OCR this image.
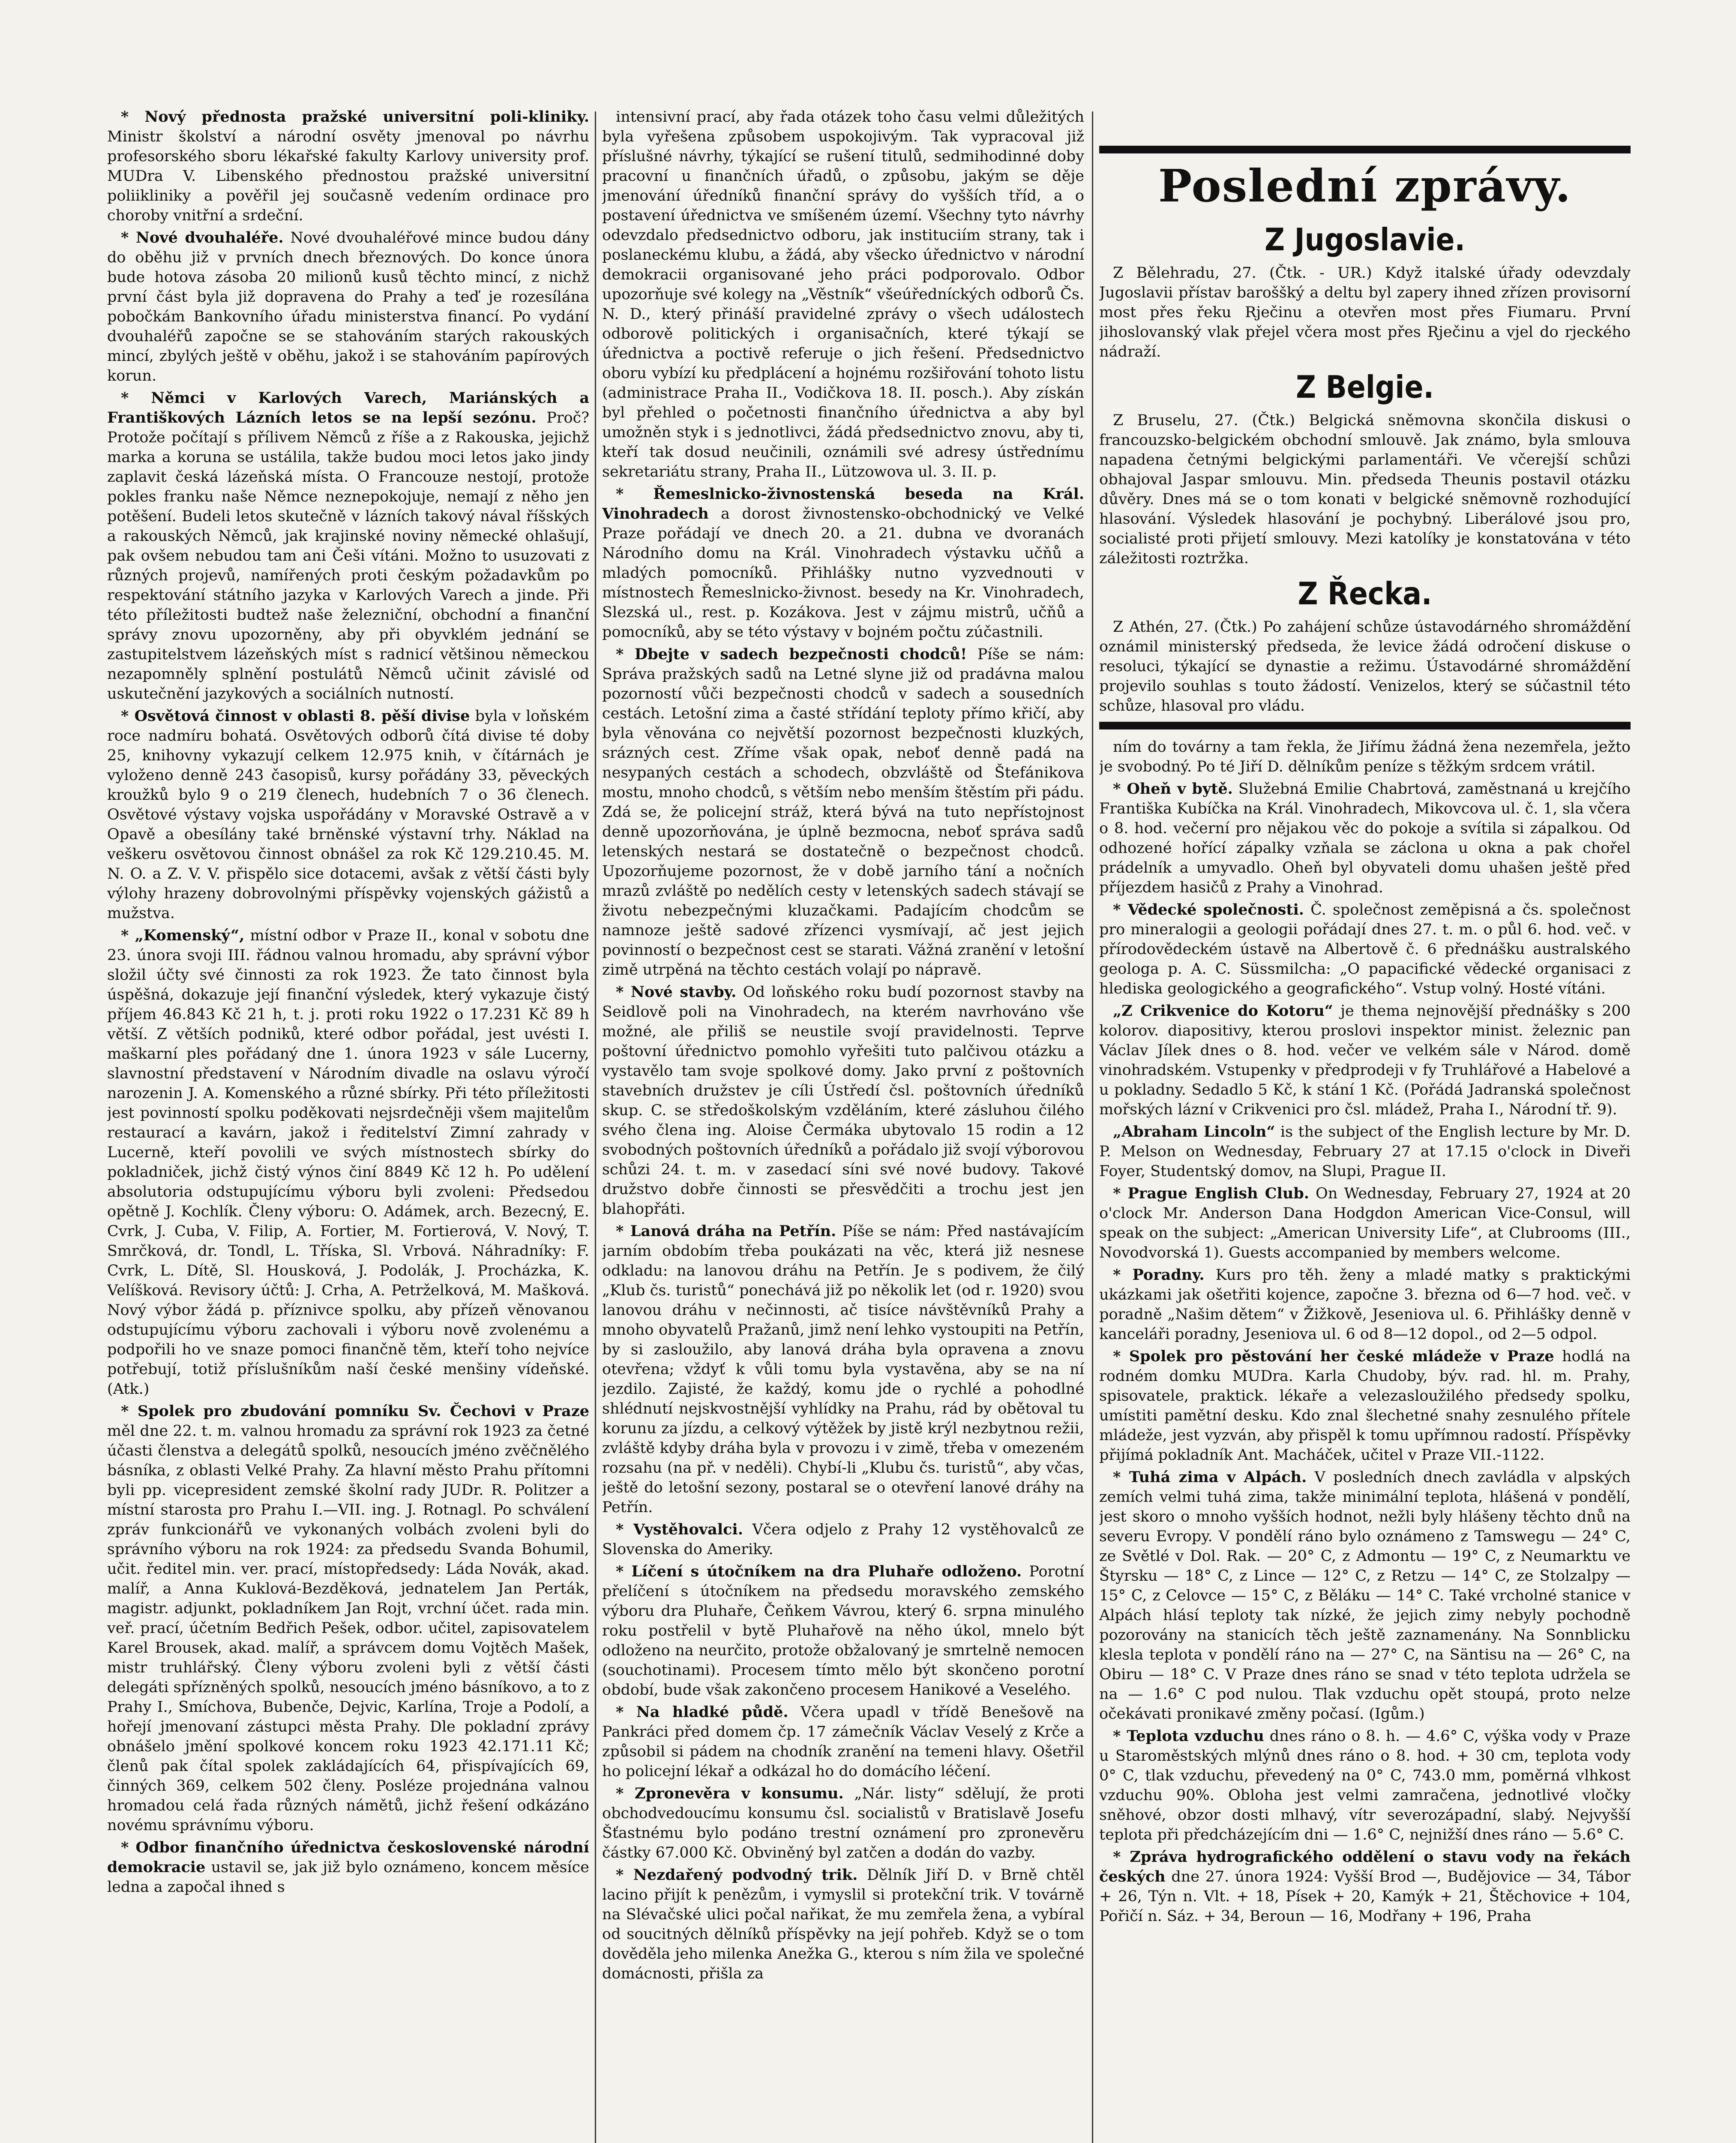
* Nový přednosta pražské universitní poli-kliniky. Ministr školství a národní osvěty jmenoval po návrhu profesorského sboru lékařské fakulty Karlovy university prof. MUDra V. Libenského přednostou pražské universitní poliikliniky a pověřil jej současně vedením ordinace pro choroby vnitřní a srdeční.

* Nové dvouhaléře. Nové dvouhaléřové mince budou dány do oběhu již v prvních dnech březnových. Do konce února bude hotova zásoba 20 milionů kusů těchto mincí, z nichž první část byla již dopravena do Prahy a teď je rozesílána pobočkám Bankovního úřadu ministerstva financí. Po vydání dvouhaléřů započne se se stahováním starých rakouských mincí, zbylých ještě v oběhu, jakož i se stahováním papírových korun.

* Němci v Karlových Varech, Mariánských a Františkových Lázních letos se na lepší sezónu. Proč? Protože počítají s přílivem Němců z říše a z Rakouska, jejichž marka a koruna se ustálila, takže budou moci letos jako jindy zaplavit česká lázeňská místa. O Francouze nestojí, protože pokles franku naše Němce neznepokojuje, nemají z něho jen potěšení. Budeli letos skutečně v lázních takový nával říšských a rakouských Němců, jak krajinské noviny německé ohlašují, pak ovšem nebudou tam ani Češi vítáni. Možno to usuzovati z různých projevů, namířených proti českým požadavkům po respektování státního jazyka v Karlových Varech a jinde. Při této příležitosti budtež naše železniční, obchodní a finanční správy znovu upozorněny, aby při obyvklém jednání se zastupitelstvem lázeňských míst s radnicí většinou německou nezapomněly splnění postulátů Němců učinit závislé od uskutečnění jazykových a sociálních nutností.

* Osvětová činnost v oblasti 8. pěší divise byla v loňském roce nadmíru bohatá. Osvětových odborů čítá divise té doby 25, knihovny vykazují celkem 12.975 knih, v čítárnách je vyloženo denně 243 časopisů, kursy pořádány 33, pěveckých kroužků bylo 9 o 219 členech, hudebních 7 o 36 členech. Osvětové výstavy vojska uspořádány v Moravské Ostravě a v Opavě a obesílány také brněnské výstavní trhy. Náklad na veškeru osvětovou činnost obnášel za rok Kč 129.210.45. M. N. O. a Z. V. V. přispělo sice dotacemi, avšak z větší části byly výlohy hrazeny dobrovolnými příspěvky vojenských gážistů a mužstva.

* „Komenský“, místní odbor v Praze II., konal v sobotu dne 23. února svoji III. řádnou valnou hromadu, aby správní výbor složil účty své činnosti za rok 1923. Že tato činnost byla úspěšná, dokazuje její finanční výsledek, který vykazuje čistý příjem 46.843 Kč 21 h, t. j. proti roku 1922 o 17.231 Kč 89 h větší. Z větších podniků, které odbor pořádal, jest uvésti I. maškarní ples pořádaný dne 1. února 1923 v sále Lucerny, slavnostní představení v Národním divadle na oslavu výročí narozenin J. A. Komenského a různé sbírky. Při této příležitosti jest povinností spolku poděkovati nejsrdečněji všem majitelům restaurací a kavárn, jakož i ředitelství Zimní zahrady v Lucerně, kteří povolili ve svých místnostech sbírky do pokladniček, jichž čistý výnos činí 8849 Kč 12 h. Po udělení absolutoria odstupujícímu výboru byli zvoleni: Předsedou opětně J. Kochlík. Členy výboru: O. Adámek, arch. Bezecný, E. Cvrk, J. Cuba, V. Filip, A. Fortier, M. Fortierová, V. Nový, T. Smrčková, dr. Tondl, L. Tříska, Sl. Vrbová. Náhradníky: F. Cvrk, L. Dítě, Sl. Housková, J. Podolák, J. Procházka, K. Velíšková. Revisory účtů: J. Crha, A. Petrželková, M. Mašková. Nový výbor žádá p. příznivce spolku, aby přízeň věnovanou odstupujícímu výboru zachovali i výboru nově zvolenému a podpořili ho ve snaze pomoci finančně těm, kteří toho nejvíce potřebují, totiž příslušníkům naší české menšiny vídeňské. (Atk.)

* Spolek pro zbudování pomníku Sv. Čechovi v Praze měl dne 22. t. m. valnou hromadu za správní rok 1923 za četné účasti členstva a delegátů spolků, nesoucích jméno zvěčnělého básníka, z oblasti Velké Prahy. Za hlavní město Prahu přítomni byli pp. vicepresident zemské školní rady JUDr. R. Politzer a místní starosta pro Prahu I.—VII. ing. J. Rotnagl. Po schválení zpráv funkcionářů ve vykonaných volbách zvoleni byli do správního výboru na rok 1924: za předsedu Svanda Bohumil, učit. ředitel min. ver. prací, místopředsedy: Láda Novák, akad. malíř, a Anna Kuklová-Bezděková, jednatelem Jan Perták, magistr. adjunkt, pokladníkem Jan Rojt, vrchní účet. rada min. veř. prací, účetním Bedřich Pešek, odbor. učitel, zapisovatelem Karel Brousek, akad. malíř, a správcem domu Vojtěch Mašek, mistr truhlářský. Členy výboru zvoleni byli z větší části delegáti spřízněných spolků, nesoucích jméno básníkovo, a to z Prahy I., Smíchova, Bubenče, Dejvic, Karlína, Troje a Podolí, a hořejí jmenovaní zástupci města Prahy. Dle pokladní zprávy obnášelo jmění spolkové koncem roku 1923 42.171.11 Kč; členů pak čítal spolek zakládajících 64, přispívajících 69, činných 369, celkem 502 členy. Posléze projednána valnou hromadou celá řada různých námětů, jichž řešení odkázáno novému správnímu výboru.

* Odbor finančního úřednictva československé národní demokracie ustavil se, jak již bylo oznámeno, koncem měsíce ledna a započal ihned s

intensivní prací, aby řada otázek toho času velmi důležitých byla vyřešena způsobem uspokojivým. Tak vypracoval již příslušné návrhy, týkající se rušení titulů, sedmihodinné doby pracovní u finančních úřadů, o způsobu, jakým se děje jmenování úředníků finanční správy do vyšších tříd, a o postavení úřednictva ve smíšeném území. Všechny tyto návrhy odevzdalo předsednictvo odboru, jak instituciím strany, tak i poslaneckému klubu, a žádá, aby všecko úřednictvo v národní demokracii organisované jeho práci podporovalo. Odbor upozorňuje své kolegy na „Věstník“ všeúředníckých odborů Čs. N. D., který přináší pravidelné zprávy o všech událostech odborově politických i organisačních, které týkají se úřednictva a poctivě referuje o jich řešení. Předsednictvo oboru vybízí ku předplácení a hojnému rozšiřování tohoto listu (administrace Praha II., Vodičkova 18. II. posch.). Aby získán byl přehled o početnosti finančního úřednictva a aby byl umožněn styk i s jednotlivci, žádá předsednictvo znovu, aby ti, kteří tak dosud neučinili, oznámili své adresy ústřednímu sekretariátu strany, Praha II., Lützowova ul. 3. II. p.

* Řemeslnicko-živnostenská beseda na Král. Vinohradech a dorost živnostensko-obchodnický ve Velké Praze pořádají ve dnech 20. a 21. dubna ve dvoranách Národního domu na Král. Vinohradech výstavku učňů a mladých pomocníků. Přihlášky nutno vyzvednouti v místnostech Řemeslnicko-živnost. besedy na Kr. Vinohradech, Slezská ul., rest. p. Kozákova. Jest v zájmu mistrů, učňů a pomocníků, aby se této výstavy v bojném počtu zúčastnili.

* Dbejte v sadech bezpečnosti chodců! Píše se nám: Správa pražských sadů na Letné slyne již od pradávna malou pozorností vůči bezpečnosti chodců v sadech a sousedních cestách. Letošní zima a časté střídání teploty přímo křičí, aby byla věnována co největší pozornost bezpečnosti kluzkých, srázných cest. Zříme však opak, neboť denně padá na nesypaných cestách a schodech, obzvláště od Štefánikova mostu, mnoho chodců, s větším nebo menším štěstím při pádu. Zdá se, že policejní stráž, která bývá na tuto nepřístojnost denně upozorňována, je úplně bezmocna, neboť správa sadů letenských nestará se dostatečně o bezpečnost chodců. Upozorňujeme pozornost, že v době jarního tání a nočních mrazů zvláště po nedělích cesty v letenských sadech stávají se životu nebezpečnými kluzačkami. Padajícím chodcům se namnoze ještě sadové zřízenci vysmívají, ač jest jejich povinností o bezpečnost cest se starati. Vážná zranění v letošní zimě utrpěná na těchto cestách volají po nápravě.

* Nové stavby. Od loňského roku budí pozornost stavby na Seidlově poli na Vinohradech, na kterém navrhováno vše možné, ale přiliš se neustile svojí pravidelnosti. Teprve poštovní úřednictvo pomohlo vyřešiti tuto palčivou otázku a vystavělo tam svoje spolkové domy. Jako první z poštovních stavebních družstev je cíli Ústředí čsl. poštovních úředníků skup. C. se středoškolským vzděláním, které zásluhou čilého svého člena ing. Aloise Čermáka ubytovalo 15 rodin a 12 svobodných poštovních úředníků a pořádalo již svojí výborovou schůzi 24. t. m. v zasedací síni své nové budovy. Takové družstvo dobře činnosti se přesvědčiti a trochu jest jen blahopřáti.

* Lanová dráha na Petřín. Píše se nám: Před nastávajícím jarním obdobím třeba poukázati na věc, která již nesnese odkladu: na lanovou dráhu na Petřín. Je s podivem, že čilý „Klub čs. turistů“ ponechává již po několik let (od r. 1920) svou lanovou dráhu v nečinnosti, ač tisíce návštěvníků Prahy a mnoho obyvatelů Pražanů, jimž není lehko vystoupiti na Petřín, by si zasloužilo, aby lanová dráha byla opravena a znovu otevřena; vždyť k vůli tomu byla vystavěna, aby se na ní jezdilo. Zajisté, že každý, komu jde o rychlé a pohodlné shlédnutí nejskvostnější vyhlídky na Prahu, rád by obětoval tu korunu za jízdu, a celkový výtěžek by jistě krýl nezbytnou režii, zvláště kdyby dráha byla v provozu i v zimě, třeba v omezeném rozsahu (na př. v neděli). Chybí-li „Klubu čs. turistů“, aby včas, ještě do letošní sezony, postaral se o otevření lanové dráhy na Petřín.

* Vystěhovalci. Včera odjelo z Prahy 12 vystěhovalců ze Slovenska do Ameriky.

* Líčení s útočníkem na dra Pluhaře odloženo. Porotní přelíčení s útočníkem na předsedu moravského zemského výboru dra Pluhaře, Čeňkem Vávrou, který 6. srpna minulého roku postřelil v bytě Pluhařově na něho úkol, mnelo být odloženo na neurčito, protože obžalovaný je smrtelně nemocen (souchotinami). Procesem tímto mělo být skončeno porotní období, bude však zakončeno procesem Hanikové a Veselého.

* Na hladké půdě. Včera upadl v třídě Benešově na Pankráci před domem čp. 17 zámečník Václav Veselý z Krče a způsobil si pádem na chodník zranění na temeni hlavy. Ošetřil ho policejní lékař a odkázal ho do domácího léčení.

* Zpronevěra v konsumu. „Nár. listy“ sdělují, že proti obchodvedoucímu konsumu čsl. socialistů v Bratislavě Josefu Šťastnému bylo podáno trestní oznámení pro zpronevěru částky 67.000 Kč. Obviněný byl zatčen a dodán do vazby.

* Nezdařený podvodný trik. Dělník Jiří D. v Brně chtěl lacino přijít k penězům, i vymyslil si protekční trik. V továrně na Slévačské ulici počal nařikat, že mu zemřela žena, a vybíral od soucitných dělníků příspěvky na její pohřeb. Když se o tom dověděla jeho milenka Anežka G., kterou s ním žila ve společné domácnosti, přišla za

Poslední zprávy.
Z Jugoslavie.

Z Bělehradu, 27. (Čtk. - UR.) Když italské úřady odevzdaly Jugoslavii přístav baroššký a deltu byl zapery ihned zřízen provisorní most přes řeku Rječinu a otevřen most přes Fiumaru. První jihoslovanský vlak přejel včera most přes Rječinu a vjel do rjeckého nádraží.

Z Belgie.

Z Bruselu, 27. (Čtk.) Belgická sněmovna skončila diskusi o francouzsko-belgickém obchodní smlouvě. Jak známo, byla smlouva napadena četnými belgickými parlamentáři. Ve včerejší schůzi obhajoval Jaspar smlouvu. Min. předseda Theunis postavil otázku důvěry. Dnes má se o tom konati v belgické sněmovně rozhodující hlasování. Výsledek hlasování je pochybný. Liberálové jsou pro, socialisté proti přijetí smlouvy. Mezi katolíky je konstatována v této záležitosti roztržka.

Z Řecka.

Z Athén, 27. (Čtk.) Po zahájení schůze ústavodárného shromáždění oznámil ministerský předseda, že levice žádá odročení diskuse o resoluci, týkající se dynastie a režimu. Ústavodárné shromáždění projevilo souhlas s touto žádostí. Venizelos, který se súčastnil této schůze, hlasoval pro vládu.

ním do továrny a tam řekla, že Jiřímu žádná žena nezemřela, ježto je svobodný. Po té Jiří D. dělníkům peníze s těžkým srdcem vrátil.

* Oheň v bytě. Služebná Emilie Chabrtová, zaměstnaná u krejčího Františka Kubíčka na Král. Vinohradech, Mikovcova ul. č. 1, sla včera o 8. hod. večerní pro nějakou věc do pokoje a svítila si zápalkou. Od odhozené hořící zápalky vzňala se záclona u okna a pak chořel prádelník a umyvadlo. Oheň byl obyvateli domu uhašen ještě před příjezdem hasičů z Prahy a Vinohrad.

* Vědecké společnosti. Č. společnost zeměpisná a čs. společnost pro mineralogii a geologii pořádají dnes 27. t. m. o půl 6. hod. več. v přírodovědeckém ústavě na Albertově č. 6 přednášku australského geologa p. A. C. Süssmilcha: „O papacifické vědecké organisaci z hlediska geologického a geografického“. Vstup volný. Hosté vítáni.

„Z Crikvenice do Kotoru“ je thema nejnovější přednášky s 200 kolorov. diapositivy, kterou proslovi inspektor minist. železnic pan Václav Jílek dnes o 8. hod. večer ve velkém sále v Národ. domě vinohradském. Vstupenky v předprodeji v fy Truhlářové a Habelové a u pokladny. Sedadlo 5 Kč, k stání 1 Kč. (Pořádá Jadranská společnost mořských lázní v Crikvenici pro čsl. mládež, Praha I., Národní tř. 9).

„Abraham Lincoln“ is the subject of the English lecture by Mr. D. P. Melson on Wednesday, February 27 at 17.15 o'clock in Diveři Foyer, Studentský domov, na Slupi, Prague II.

* Prague English Club. On Wednesday, February 27, 1924 at 20 o'clock Mr. Anderson Dana Hodgdon American Vice-Consul, will speak on the subject: „American University Life“, at Clubrooms (III., Novodvorská 1). Guests accompanied by members welcome.

* Poradny. Kurs pro těh. ženy a mladé matky s praktickými ukázkami jak ošetřiti kojence, započne 3. března od 6—7 hod. več. v poradně „Našim dětem“ v Žižkově, Jeseniova ul. 6. Přihlášky denně v kanceláři poradny, Jeseniova ul. 6 od 8—12 dopol., od 2—5 odpol.

* Spolek pro pěstování her české mládeže v Praze hodlá na rodném domku MUDra. Karla Chudoby, býv. rad. hl. m. Prahy, spisovatele, praktick. lékaře a velezasloužilého předsedy spolku, umístiti pamětní desku. Kdo znal šlechetné snahy zesnulého přítele mládeže, jest vyzván, aby přispěl k tomu upřímnou radostí. Příspěvky přijímá pokladník Ant. Macháček, učitel v Praze VII.-1122.

* Tuhá zima v Alpách. V posledních dnech zavládla v alpských zemích velmi tuhá zima, takže minimální teplota, hlášená v pondělí, jest skoro o mnoho vyšších hodnot, nežli byly hlášeny těchto dnů na severu Evropy. V pondělí ráno bylo oznámeno z Tamswegu — 24° C, ze Světlé v Dol. Rak. — 20° C, z Admontu — 19° C, z Neumarktu ve Štyrsku — 18° C, z Lince — 12° C, z Retzu — 14° C, ze Stolzalpy — 15° C, z Celovce — 15° C, z Běláku — 14° C. Také vrcholné stanice v Alpách hlásí teploty tak nízké, že jejich zimy nebyly pochodně pozorovány na stanicích těch ještě zaznamenány. Na Sonnblicku klesla teplota v pondělí ráno na — 27° C, na Säntisu na — 26° C, na Obiru — 18° C. V Praze dnes ráno se snad v této teplota udržela se na — 1.6° C pod nulou. Tlak vzduchu opět stoupá, proto nelze očekávati pronikavé změny počasí. (Igům.)

* Teplota vzduchu dnes ráno o 8. h. — 4.6° C, výška vody v Praze u Staroměstských mlýnů dnes ráno o 8. hod. + 30 cm, teplota vody 0° C, tlak vzduchu, převedený na 0° C, 743.0 mm, poměrná vlhkost vzduchu 90%. Obloha jest velmi zamračena, jednotlivé vločky sněhové, obzor dosti mlhavý, vítr severozápadní, slabý. Nejvyšší teplota při předcházejícím dni — 1.6° C, nejnižší dnes ráno — 5.6° C.

* Zpráva hydrografického oddělení o stavu vody na řekách českých dne 27. února 1924: Vyšší Brod —, Budějovice — 34, Tábor + 26, Týn n. Vlt. + 18, Písek + 20, Kamýk + 21, Štěchovice + 104, Pořičí n. Sáz. + 34, Beroun — 16, Modřany + 196, Praha
